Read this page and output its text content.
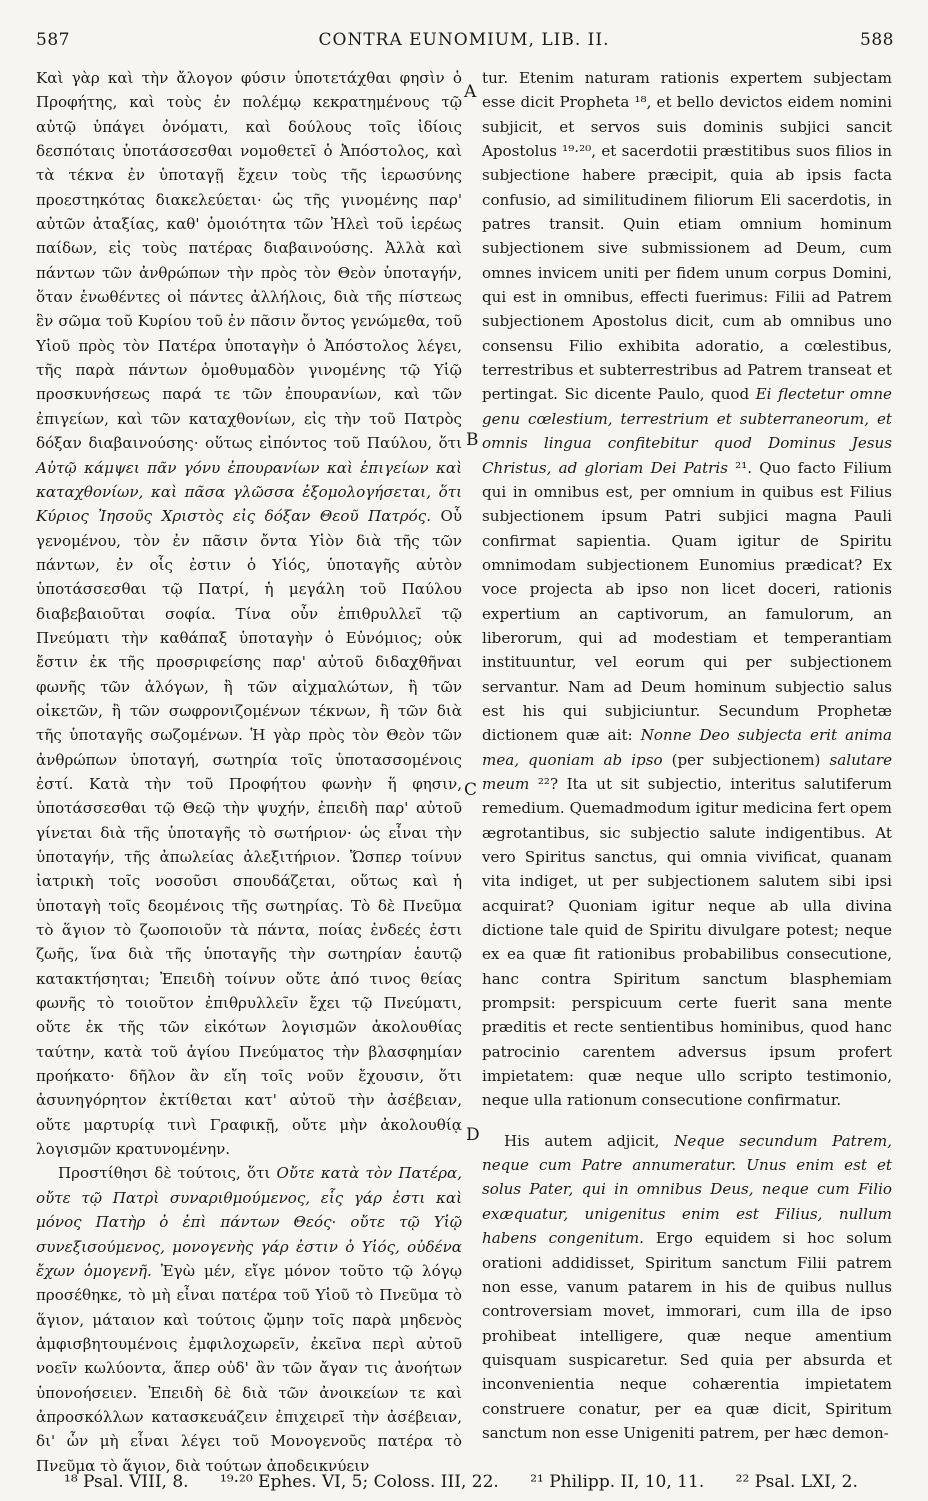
587	CONTRA EUNOMIUM, LIB. II.	588

Καὶ γὰρ καὶ τὴν ἄλογον φύσιν ὑποτετάχθαι φησὶν ὁ Προφήτης, καὶ τοὺς ἐν πολέμῳ κεκρατημένους τῷ αὐτῷ ὑπάγει ὀνόματι, καὶ δούλους τοῖς ἰδίοις δεσπόταις ὑποτάσσεσθαι νομοθετεῖ ὁ Ἀπόστολος, καὶ τὰ τέκνα ἐν ὑποταγῇ ἔχειν τοὺς τῆς ἱερωσύνης προεστηκότας διακελεύεται· ὡς τῆς γινομένης παρ' αὐτῶν ἀταξίας, καθ' ὁμοιότητα τῶν Ἠλεὶ τοῦ ἱερέως παίδων, εἰς τοὺς πατέρας διαβαινούσης. Ἀλλὰ καὶ πάντων τῶν ἀνθρώπων τὴν πρὸς τὸν Θεὸν ὑποταγήν, ὅταν ἑνωθέντες οἱ πάντες ἀλλήλοις, διὰ τῆς πίστεως ἓν σῶμα τοῦ Κυρίου τοῦ ἐν πᾶσιν ὄντος γενώμεθα, τοῦ Υἱοῦ πρὸς τὸν Πατέρα ὑποταγὴν ὁ Ἀπόστολος λέγει, τῆς παρὰ πάντων ὁμοθυμαδὸν γινομένης τῷ Υἱῷ προσκυνήσεως παρά τε τῶν ἐπουρανίων, καὶ τῶν ἐπιγείων, καὶ τῶν καταχθονίων, εἰς τὴν τοῦ Πατρὸς δόξαν διαβαινούσης· οὕτως εἰπόντος τοῦ Παύλου, ὅτι Αὐτῷ κάμψει πᾶν γόνυ ἐπουρανίων καὶ ἐπιγείων καὶ καταχθονίων, καὶ πᾶσα γλῶσσα ἐξομολογήσεται, ὅτι Κύριος Ἰησοῦς Χριστὸς εἰς δόξαν Θεοῦ Πατρός. Οὗ γενομένου, τὸν ἐν πᾶσιν ὄντα Υἱὸν διὰ τῆς τῶν πάντων, ἐν οἷς ἐστιν ὁ Υἱός, ὑποταγῆς αὐτὸν ὑποτάσσεσθαι τῷ Πατρί, ἡ μεγάλη τοῦ Παύλου διαβεβαιοῦται σοφία. Τίνα οὖν ἐπιθρυλλεῖ τῷ Πνεύματι τὴν καθάπαξ ὑποταγὴν ὁ Εὐνόμιος; οὐκ ἔστιν ἐκ τῆς προσριφείσης παρ' αὐτοῦ διδαχθῆναι φωνῆς τῶν ἀλόγων, ἢ τῶν αἰχμαλώτων, ἢ τῶν οἰκετῶν, ἢ τῶν σωφρονιζομένων τέκνων, ἢ τῶν διὰ τῆς ὑποταγῆς σωζομένων. Ἡ γὰρ πρὸς τὸν Θεὸν τῶν ἀνθρώπων ὑποταγή, σωτηρία τοῖς ὑποτασσομένοις ἐστί. Κατὰ τὴν τοῦ Προφήτου φωνὴν ἥ φησιν, ὑποτάσσεσθαι τῷ Θεῷ τὴν ψυχήν, ἐπειδὴ παρ' αὐτοῦ γίνεται διὰ τῆς ὑποταγῆς τὸ σωτήριον· ὡς εἶναι τὴν ὑποταγήν, τῆς ἀπωλείας ἀλεξιτήριον. Ὥσπερ τοίνυν ἰατρικὴ τοῖς νοσοῦσι σπουδάζεται, οὕτως καὶ ἡ ὑποταγὴ τοῖς δεομένοις τῆς σωτηρίας. Τὸ δὲ Πνεῦμα τὸ ἅγιον τὸ ζωοποιοῦν τὰ πάντα, ποίας ἐνδεές ἐστι ζωῆς, ἵνα διὰ τῆς ὑποταγῆς τὴν σωτηρίαν ἑαυτῷ κατακτήσηται; Ἐπειδὴ τοίνυν οὔτε ἀπό τινος θείας φωνῆς τὸ τοιοῦτον ἐπιθρυλλεῖν ἔχει τῷ Πνεύματι, οὔτε ἐκ τῆς τῶν εἰκότων λογισμῶν ἀκολουθίας ταύτην, κατὰ τοῦ ἁγίου Πνεύματος τὴν βλασφημίαν προήκατο· δῆλον ἂν εἴη τοῖς νοῦν ἔχουσιν, ὅτι ἀσυνηγόρητον ἐκτίθεται κατ' αὐτοῦ τὴν ἀσέβειαν, οὔτε μαρτυρίᾳ τινὶ Γραφικῇ, οὔτε μὴν ἀκολουθίᾳ λογισμῶν κρατυνομένην.

Προστίθησι δὲ τούτοις, ὅτι Οὔτε κατὰ τὸν Πατέρα, οὔτε τῷ Πατρὶ συναριθμούμενος, εἷς γάρ ἐστι καὶ μόνος Πατὴρ ὁ ἐπὶ πάντων Θεός· οὔτε τῷ Υἱῷ συνεξισούμενος, μονογενὴς γάρ ἐστιν ὁ Υἱός, οὐδένα ἔχων ὁμογενῆ. Ἐγὼ μέν, εἴγε μόνον τοῦτο τῷ λόγῳ προσέθηκε, τὸ μὴ εἶναι πατέρα τοῦ Υἱοῦ τὸ Πνεῦμα τὸ ἅγιον, μάταιον καὶ τούτοις ᾤμην τοῖς παρὰ μηδενὸς ἀμφισβητουμένοις ἐμφιλοχωρεῖν, ἐκεῖνα περὶ αὐτοῦ νοεῖν κωλύοντα, ἅπερ οὐδ' ἂν τῶν ἄγαν τις ἀνοήτων ὑπονοήσειεν. Ἐπειδὴ δὲ διὰ τῶν ἀνοικείων τε καὶ ἀπροσκόλλων κατασκευάζειν ἐπιχειρεῖ τὴν ἀσέβειαν, δι' ὧν μὴ εἶναι λέγει τοῦ Μονογενοῦς πατέρα τὸ Πνεῦμα τὸ ἅγιον, διὰ τούτων ἀποδεικνύειν

A
B
C
D

tur. Etenim naturam rationis expertem subjectam esse dicit Propheta ¹⁸, et bello devictos eidem nomini subjicit, et servos suis dominis subjici sancit Apostolus ¹⁹·²⁰, et sacerdotii præstitibus suos filios in subjectione habere præcipit, quia ab ipsis facta confusio, ad similitudinem filiorum Eli sacerdotis, in patres transit. Quin etiam omnium hominum subjectionem sive submissionem ad Deum, cum omnes invicem uniti per fidem unum corpus Domini, qui est in omnibus, effecti fuerimus: Filii ad Patrem subjectionem Apostolus dicit, cum ab omnibus uno consensu Filio exhibita adoratio, a cœlestibus, terrestribus et subterrestribus ad Patrem transeat et pertingat. Sic dicente Paulo, quod Ei flectetur omne genu cœlestium, terrestrium et subterraneorum, et omnis lingua confitebitur quod Dominus Jesus Christus, ad gloriam Dei Patris ²¹. Quo facto Filium qui in omnibus est, per omnium in quibus est Filius subjectionem ipsum Patri subjici magna Pauli confirmat sapientia. Quam igitur de Spiritu omnimodam subjectionem Eunomius prædicat? Ex voce projecta ab ipso non licet doceri, rationis expertium an captivorum, an famulorum, an liberorum, qui ad modestiam et temperantiam instituuntur, vel eorum qui per subjectionem servantur. Nam ad Deum hominum subjectio salus est his qui subjiciuntur. Secundum Prophetæ dictionem quæ ait: Nonne Deo subjecta erit anima mea, quoniam ab ipso (per subjectionem) salutare meum ²²? Ita ut sit subjectio, interitus salutiferum remedium. Quemadmodum igitur medicina fert opem ægrotantibus, sic subjectio salute indigentibus. At vero Spiritus sanctus, qui omnia vivificat, quanam vita indiget, ut per subjectionem salutem sibi ipsi acquirat? Quoniam igitur neque ab ulla divina dictione tale quid de Spiritu divulgare potest; neque ex ea quæ fit rationibus probabilibus consecutione, hanc contra Spiritum sanctum blasphemiam prompsit: perspicuum certe fuerit sana mente præditis et recte sentientibus hominibus, quod hanc patrocinio carentem adversus ipsum profert impietatem: quæ neque ullo scripto testimonio, neque ulla rationum consecutione confirmatur.

His autem adjicit, Neque secundum Patrem, neque cum Patre annumeratur. Unus enim est et solus Pater, qui in omnibus Deus, neque cum Filio exæquatur, unigenitus enim est Filius, nullum habens congenitum. Ergo equidem si hoc solum orationi addidisset, Spiritum sanctum Filii patrem non esse, vanum patarem in his de quibus nullus controversiam movet, immorari, cum illa de ipso prohibeat intelligere, quæ neque amentium quisquam suspicaretur. Sed quia per absurda et inconvenientia neque cohærentia impietatem construere conatur, per ea quæ dicit, Spiritum sanctum non esse Unigeniti patrem, per hæc demon-

¹⁸ Psal. VIII, 8. ¹⁹·²⁰ Ephes. VI, 5; Coloss. III, 22. ²¹ Philipp. II, 10, 11. ²² Psal. LXI, 2.
